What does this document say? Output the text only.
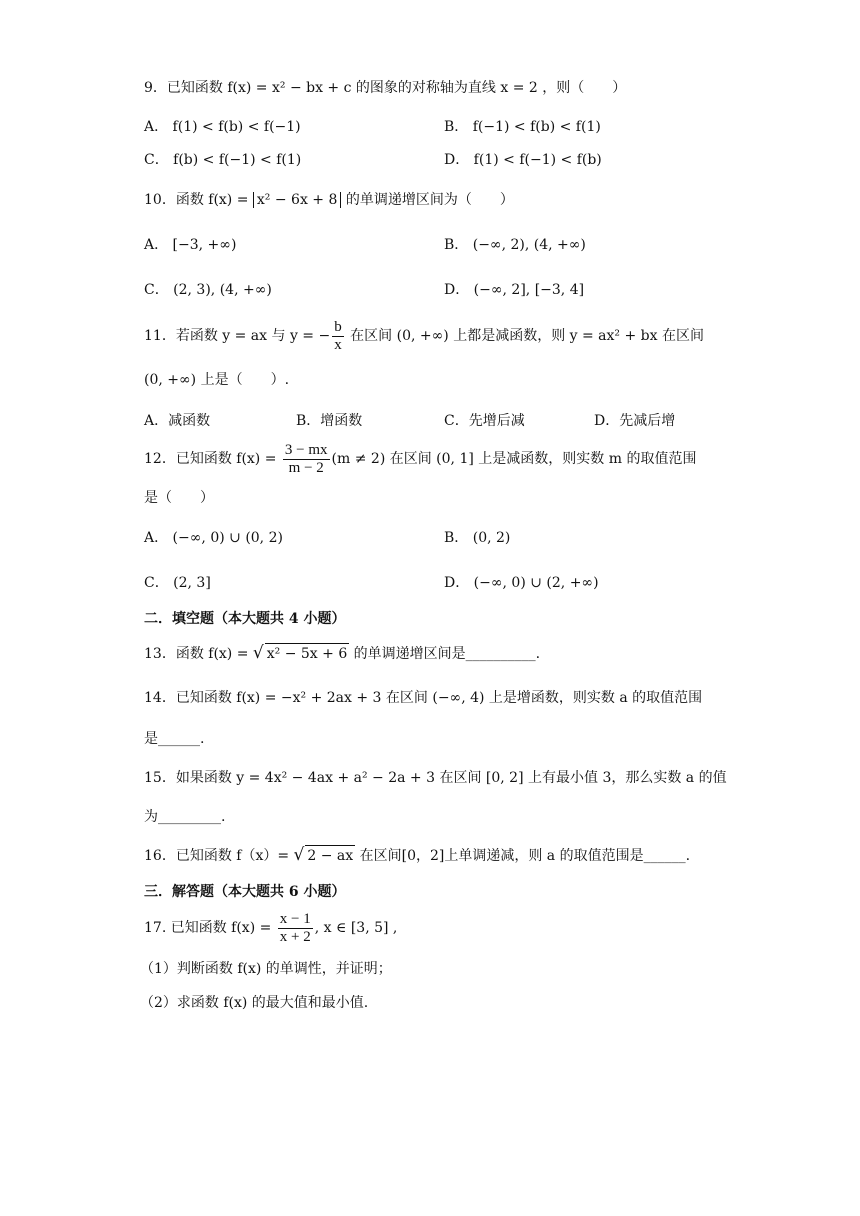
9．已知函数 f(x) = x² − bx + c 的图象的对称轴为直线 x = 2 ，则（　　）
A． f(1) < f(b) < f(−1)	B． f(−1) < f(b) < f(1)
C． f(b) < f(−1) < f(1)	D． f(1) < f(−1) < f(b)
10．函数 f(x) = x² − 6x + 8 的单调递增区间为（　　）
A． [−3, +∞)	B． (−∞, 2), (4, +∞)
C． (2, 3), (4, +∞)	D． (−∞, 2], [−3, 4]
11．若函数 y = ax 与 y = − $\frac{b}{x}$ 在区间 (0, +∞) 上都是减函数，则 y = ax² + bx 在区间
(0, +∞) 上是（　　）.
A．减函数	B．增函数	C．先增后减	D．先减后增
12．已知函数 $f(x) = \frac{3 - mx}{m - 2} (m \ne 2)$ 在区间 (0, 1] 上是减函数，则实数 m 的取值范围
是（　　）
A． (−∞, 0) ∪ (0, 2)	B． (0, 2)
C． (2, 3]	D． (−∞, 0) ∪ (2, +∞)
二．填空题（本大题共 4 小题）
13．函数 f(x) = √ x² − 5x + 6 的单调递增区间是__________.
14．已知函数 f(x) = −x² + 2ax + 3 在区间 (−∞, 4) 上是增函数，则实数 a 的取值范围
是______.
15．如果函数 y = 4x² − 4ax + a² − 2a + 3 在区间 [0, 2] 上有最小值 3，那么实数 a 的值
为_________.
16．已知函数 f（x）= √ 2 − ax 在区间[0，2]上单调递减，则 a 的取值范围是______.
三．解答题（本大题共 6 小题）
17. 已知函数 $f(x) = \frac{x - 1}{x + 2}$ , x ∈ [3, 5] ,
（1）判断函数 f(x) 的单调性，并证明；
（2）求函数 f(x) 的最大值和最小值.
